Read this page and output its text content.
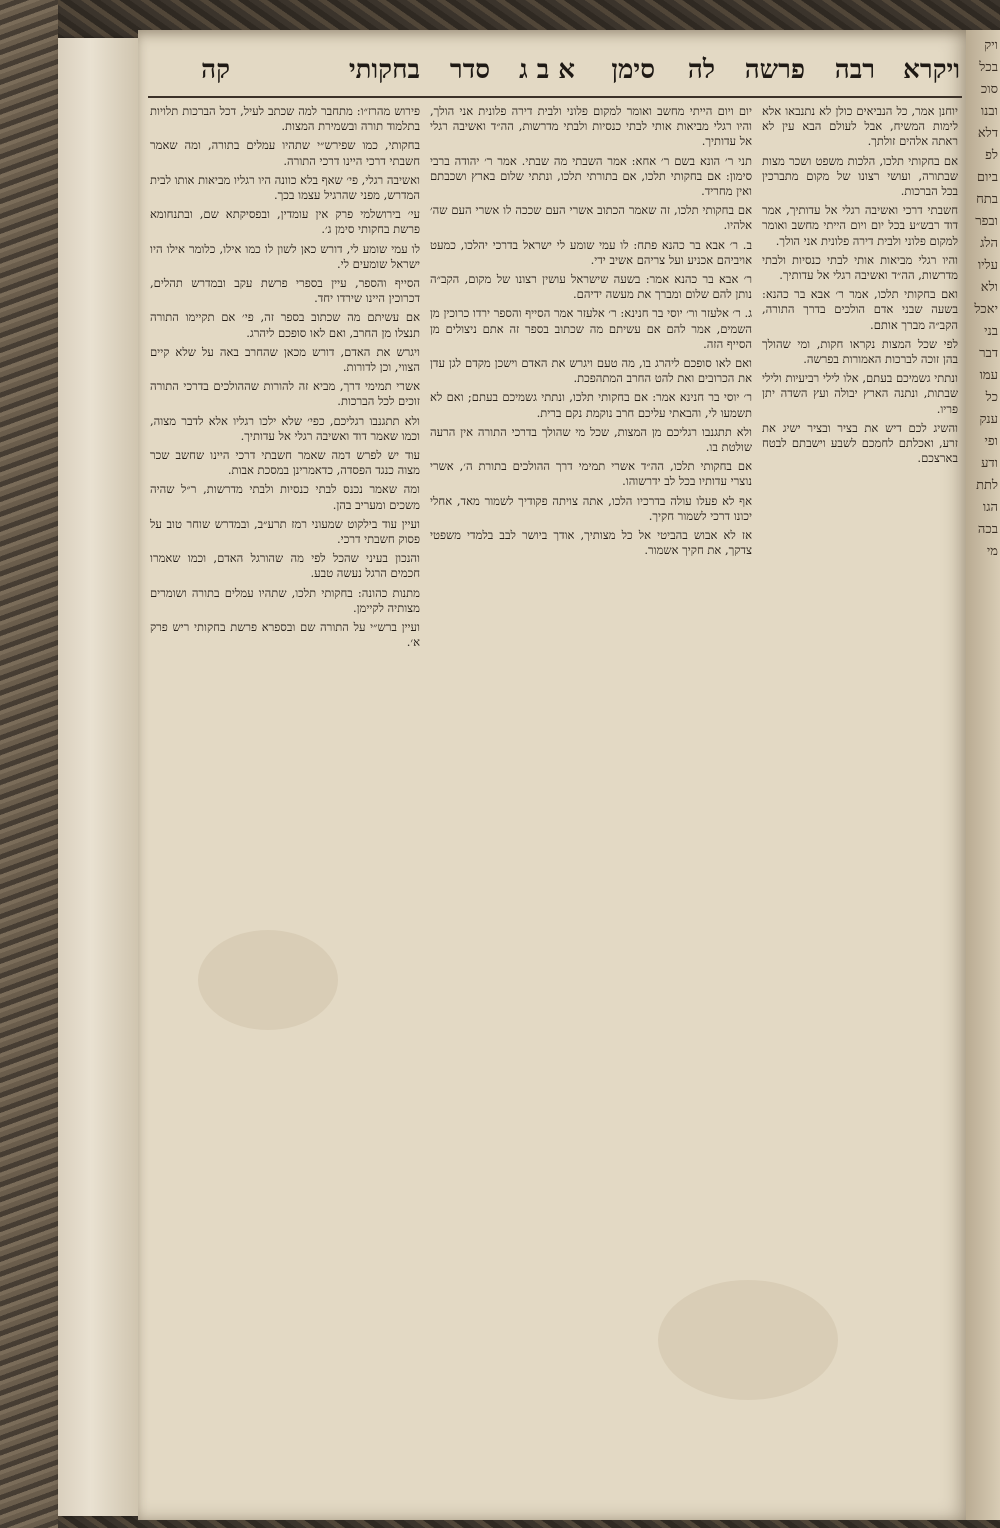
ויק
בכל
סוכ
ובנו
דלא
לפ
ביום
בתח
ובפר
הלג
עליו
ולא
יאכל
בני
דבר
עמו
כל
ענק
ופי
ודע
לתת
הגו
בכה
מי
ויקרא
רבה
פרשה
לה
סימן
א ב ג
סדר
בחקותי
קה

יוחנן אמר, כל הנביאים כולן לא נתנבאו אלא לימות המשיח, אבל לעולם הבא עין לא ראתה אלהים זולתך.

אם בחקותי תלכו, הלכות משפט ושכר מצות שבתורה, ועושי רצונו של מקום מתברכין בכל הברכות.

חשבתי דרכי ואשיבה רגלי אל עדותיך, אמר דוד רבש״ע בכל יום ויום הייתי מחשב ואומר למקום פלוני ולבית דירה פלונית אני הולך.

והיו רגלי מביאות אותי לבתי כנסיות ולבתי מדרשות, הה״ד ואשיבה רגלי אל עדותיך.

ואם בחקותי תלכו, אמר ר׳ אבא בר כהנא: בשעה שבני אדם הולכים בדרך התורה, הקב״ה מברך אותם.

לפי שכל המצות נקראו חקות, ומי שהולך בהן זוכה לברכות האמורות בפרשה.

ונתתי גשמיכם בעתם, אלו לילי רביעיות ולילי שבתות, ונתנה הארץ יבולה ועץ השדה יתן פריו.

והשיג לכם דיש את בציר ובציר ישיג את זרע, ואכלתם לחמכם לשבע וישבתם לבטח בארצכם.

יום ויום הייתי מחשב ואומר למקום פלוני ולבית דירה פלונית אני הולך, והיו רגלי מביאות אותי לבתי כנסיות ולבתי מדרשות, הה״ד ואשיבה רגלי אל עדותיך.

תני ר׳ הונא בשם ר׳ אחא: אמר השבתי מה שבתי. אמר ר׳ יהודה ברבי סימון: אם בחקותי תלכו, אם בתורתי תלכו, ונתתי שלום בארץ ושכבתם ואין מחריד.

אם בחקותי תלכו, זה שאמר הכתוב אשרי העם שככה לו אשרי העם שה׳ אלהיו.

ב. ר׳ אבא בר כהנא פתח: לו עמי שומע לי ישראל בדרכי יהלכו, כמעט אויביהם אכניע ועל צריהם אשיב ידי.

ר׳ אבא בר כהנא אמר: בשעה שישראל עושין רצונו של מקום, הקב״ה נותן להם שלום ומברך את מעשה ידיהם.

ג. ר׳ אלעזר ור׳ יוסי בר חנינא: ר׳ אלעזר אמר הסייף והספר ירדו כרוכין מן השמים, אמר להם אם עשיתם מה שכתוב בספר זה אתם ניצולים מן הסייף הזה.

ואם לאו סופכם ליהרג בו, מה טעם ויגרש את האדם וישכן מקדם לגן עדן את הכרובים ואת להט החרב המתהפכת.

ר׳ יוסי בר חנינא אמר: אם בחקותי תלכו, ונתתי גשמיכם בעתם; ואם לא תשמעו לי, והבאתי עליכם חרב נוקמת נקם ברית.

ולא תתגנבו רגליכם מן המצות, שכל מי שהולך בדרכי התורה אין הרעה שולטת בו.

אם בחקותי תלכו, הה״ד אשרי תמימי דרך ההולכים בתורת ה׳, אשרי נוצרי עדותיו בכל לב ידרשוהו.

אף לא פעלו עולה בדרכיו הלכו, אתה צויתה פקודיך לשמור מאד, אחלי יכונו דרכי לשמור חקיך.

אז לא אבוש בהביטי אל כל מצותיך, אודך ביושר לבב בלמדי משפטי צדקך, את חקיך אשמור.

פירוש מהרז״ו: מתחבר למה שכתב לעיל, דכל הברכות תלויות בתלמוד תורה ובשמירת המצות.

בחקותי, כמו שפירש״י שתהיו עמלים בתורה, ומה שאמר חשבתי דרכי היינו דרכי התורה.

ואשיבה רגלי, פי׳ שאף בלא כוונה היו רגליו מביאות אותו לבית המדרש, מפני שהרגיל עצמו בכך.

עי׳ בירושלמי פרק אין עומדין, ובפסיקתא שם, ובתנחומא פרשת בחקותי סימן ג׳.

לו עמי שומע לי, דורש כאן לשון לו כמו אילו, כלומר אילו היו ישראל שומעים לי.

הסייף והספר, עיין בספרי פרשת עקב ובמדרש תהלים, דכרוכין היינו שירדו יחד.

אם עשיתם מה שכתוב בספר זה, פי׳ אם תקיימו התורה תנצלו מן החרב, ואם לאו סופכם ליהרג.

ויגרש את האדם, דורש מכאן שהחרב באה על שלא קיים הצווי, וכן לדורות.

אשרי תמימי דרך, מביא זה להורות שההולכים בדרכי התורה זוכים לכל הברכות.

ולא תתגנבו רגליכם, כפי׳ שלא ילכו רגליו אלא לדבר מצוה, וכמו שאמר דוד ואשיבה רגלי אל עדותיך.

עוד יש לפרש דמה שאמר חשבתי דרכי היינו שחשב שכר מצוה כנגד הפסדה, כדאמרינן במסכת אבות.

ומה שאמר נכנס לבתי כנסיות ולבתי מדרשות, ר״ל שהיה משכים ומעריב בהן.

ועיין עוד בילקוט שמעוני רמז תרע״ב, ובמדרש שוחר טוב על פסוק חשבתי דרכי.

והנכון בעיני שהכל לפי מה שהורגל האדם, וכמו שאמרו חכמים הרגל נעשה טבע.

מתנות כהונה: בחקותי תלכו, שתהיו עמלים בתורה ושומרים מצותיה לקיימן.

ועיין ברש״י על התורה שם ובספרא פרשת בחקותי ריש פרק א׳.
